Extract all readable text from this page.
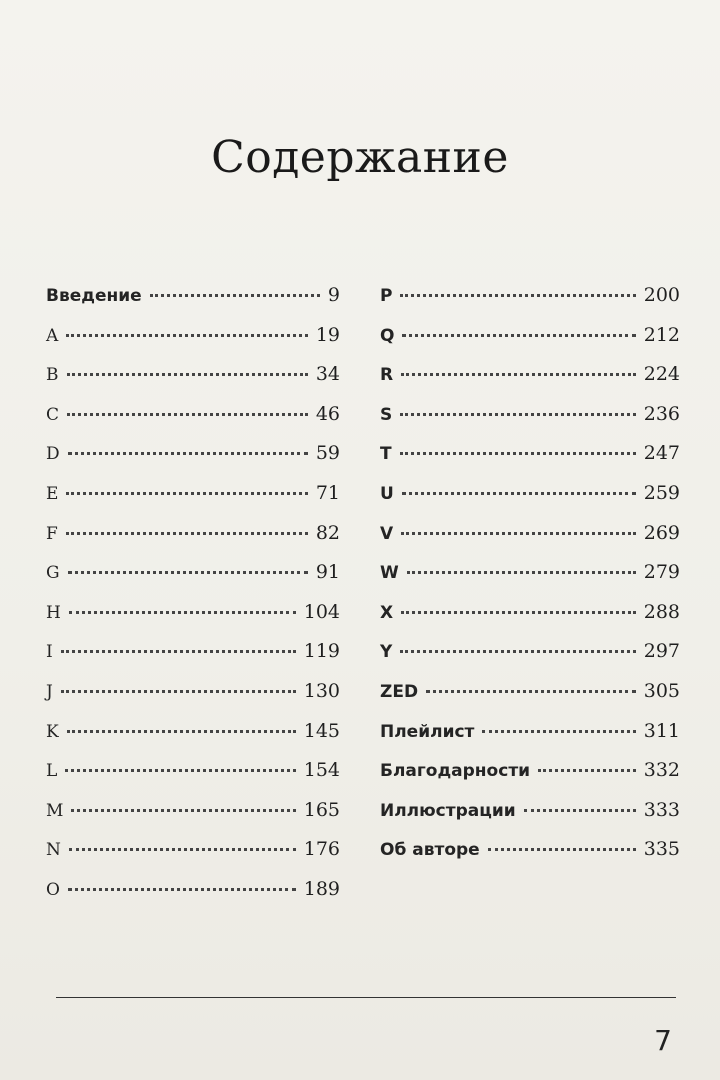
Содержание
Введение	9
A	19
B	34
C	46
D	59
E	71
F	82
G	91
H	104
I	119
J	130
K	145
L	154
M	165
N	176
O	189
P	200
Q	212
R	224
S	236
T	247
U	259
V	269
W	279
X	288
Y	297
ZED	305
Плейлист	311
Благодарности	332
Иллюстрации	333
Об авторе	335
7
